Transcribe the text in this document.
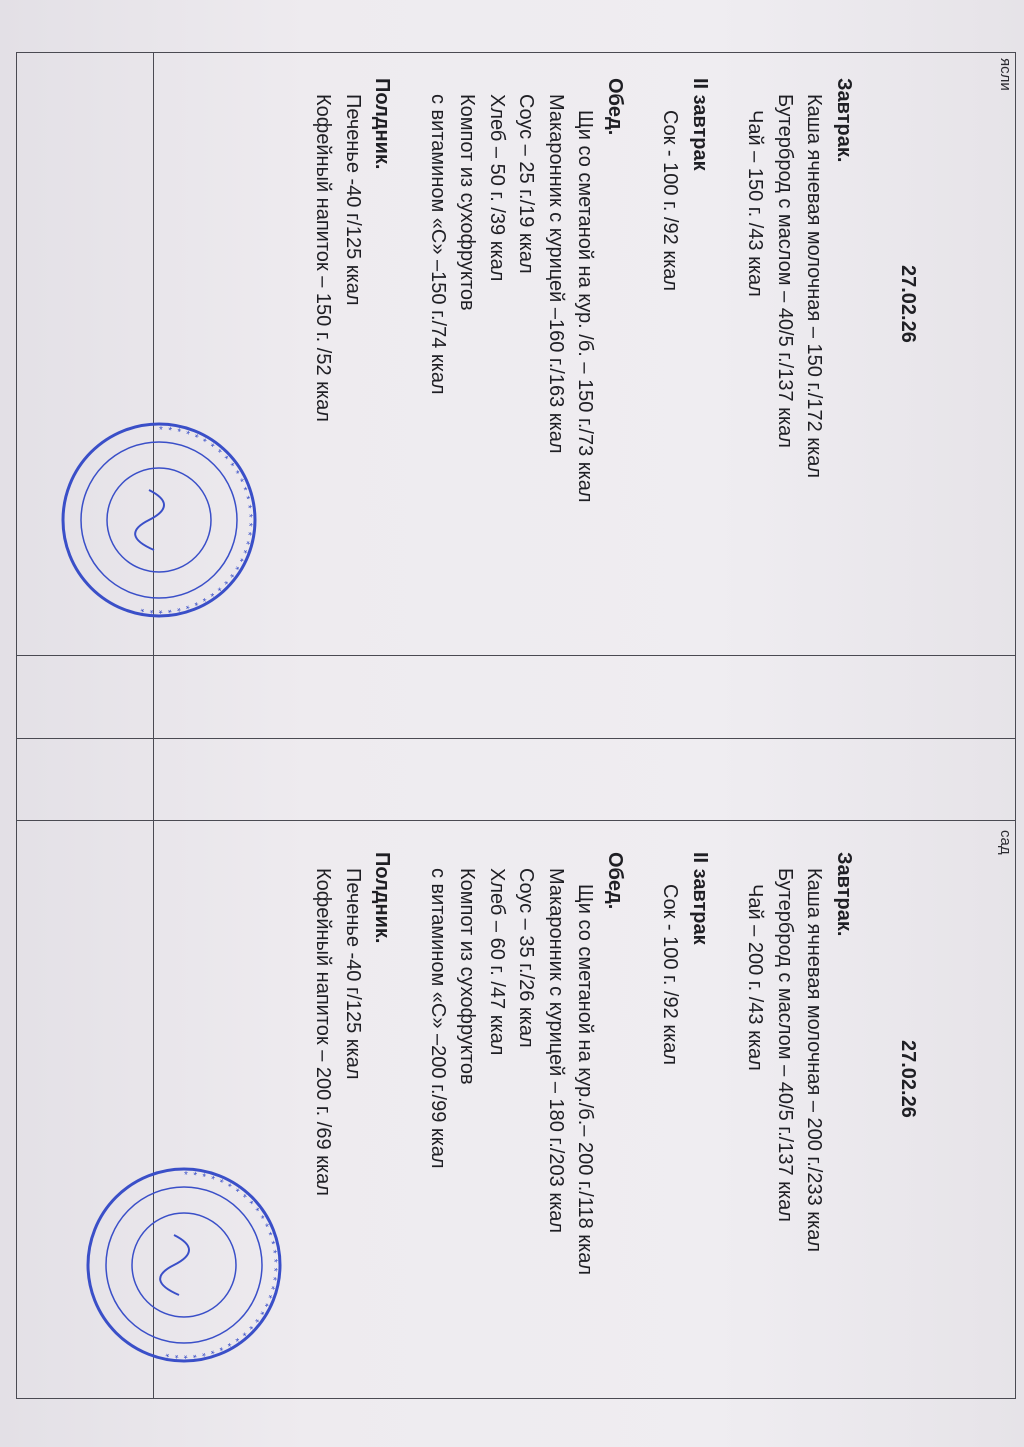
ясли
сад
27.02.26
Завтрак.
Каша ячневая молочная – 150 г./172 ккал
Бутерброд с маслом – 40/5 г./137 ккал
Чай – 150 г. /43 ккал
II завтрак
Сок - 100 г. /92 ккал
Обед.
Щи со сметаной на кур. /б. – 150 г./73 ккал
Макаронник с курицей –160 г./163 ккал
Соус – 25 г./19 ккал
Хлеб – 50 г. /39 ккал
Компот из сухофруктов
с витамином «С» –150 г./74 ккал
Полдник.
Печенье -40 г/125 ккал
Кофейный напиток – 150 г. /52 ккал
27.02.26
Завтрак.
Каша ячневая молочная – 200 г./233 ккал
Бутерброд с маслом – 40/5 г./137 ккал
Чай – 200 г. /43 ккал
II завтрак
Сок - 100 г. /92 ккал
Обед.
Щи со сметаной на кур./б.– 200 г./118 ккал
Макаронник с курицей – 180 г./203 ккал
Соус – 35 г./26 ккал
Хлеб – 60 г. /47 ккал
Компот из сухофруктов
с витамином «С» –200 г./99 ккал
Полдник.
Печенье -40 г/125 ккал
Кофейный напиток – 200 г. /69 ккал
* * * * * * * * * * * * * * * * * * * * * * * * * * * * * * * * * *
* * * * * * * * * * * * * * * * * * * * * * * * * * * * * * * * * *
